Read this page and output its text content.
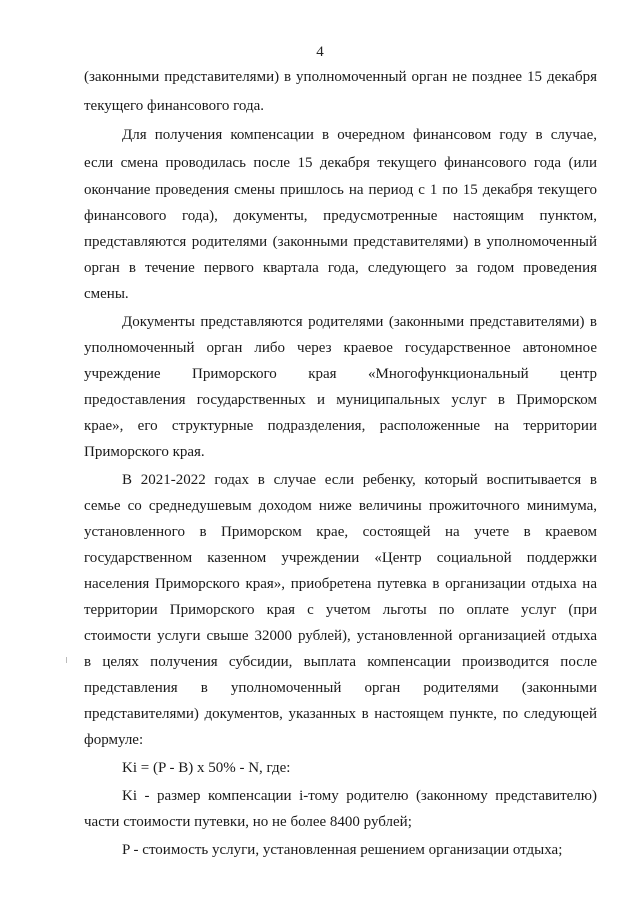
4
(законными представителями) в уполномоченный орган не позднее 15 декабря
текущего финансового года.
Для получения компенсации в очередном финансовом году в случае,
если смена проводилась после 15 декабря текущего финансового года (или
окончание проведения смены пришлось на период с 1 по 15 декабря текущего
финансового года), документы, предусмотренные настоящим пунктом,
представляются родителями (законными представителями) в уполномоченный
орган в течение первого квартала года, следующего за годом проведения
смены.
Документы представляются родителями (законными представителями) в
уполномоченный орган либо через краевое государственное автономное
учреждение Приморского края «Многофункциональный центр
предоставления государственных и муниципальных услуг в Приморском
крае», его структурные подразделения, расположенные на территории
Приморского края.
В 2021-2022 годах в случае если ребенку, который воспитывается в
семье со среднедушевым доходом ниже величины прожиточного минимума,
установленного в Приморском крае, состоящей на учете в краевом
государственном казенном учреждении «Центр социальной поддержки
населения Приморского края», приобретена путевка в организации отдыха на
территории Приморского края с учетом льготы по оплате услуг (при
стоимости услуги свыше 32000 рублей), установленной организацией отдыха
в целях получения субсидии, выплата компенсации производится после
представления в уполномоченный орган родителями (законными
представителями) документов, указанных в настоящем пункте, по следующей
формуле:
Ki = (P - B) x 50% - N, где:
Ki - размер компенсации i-тому родителю (законному представителю)
части стоимости путевки, но не более 8400 рублей;
P - стоимость услуги, установленная решением организации отдыха;
